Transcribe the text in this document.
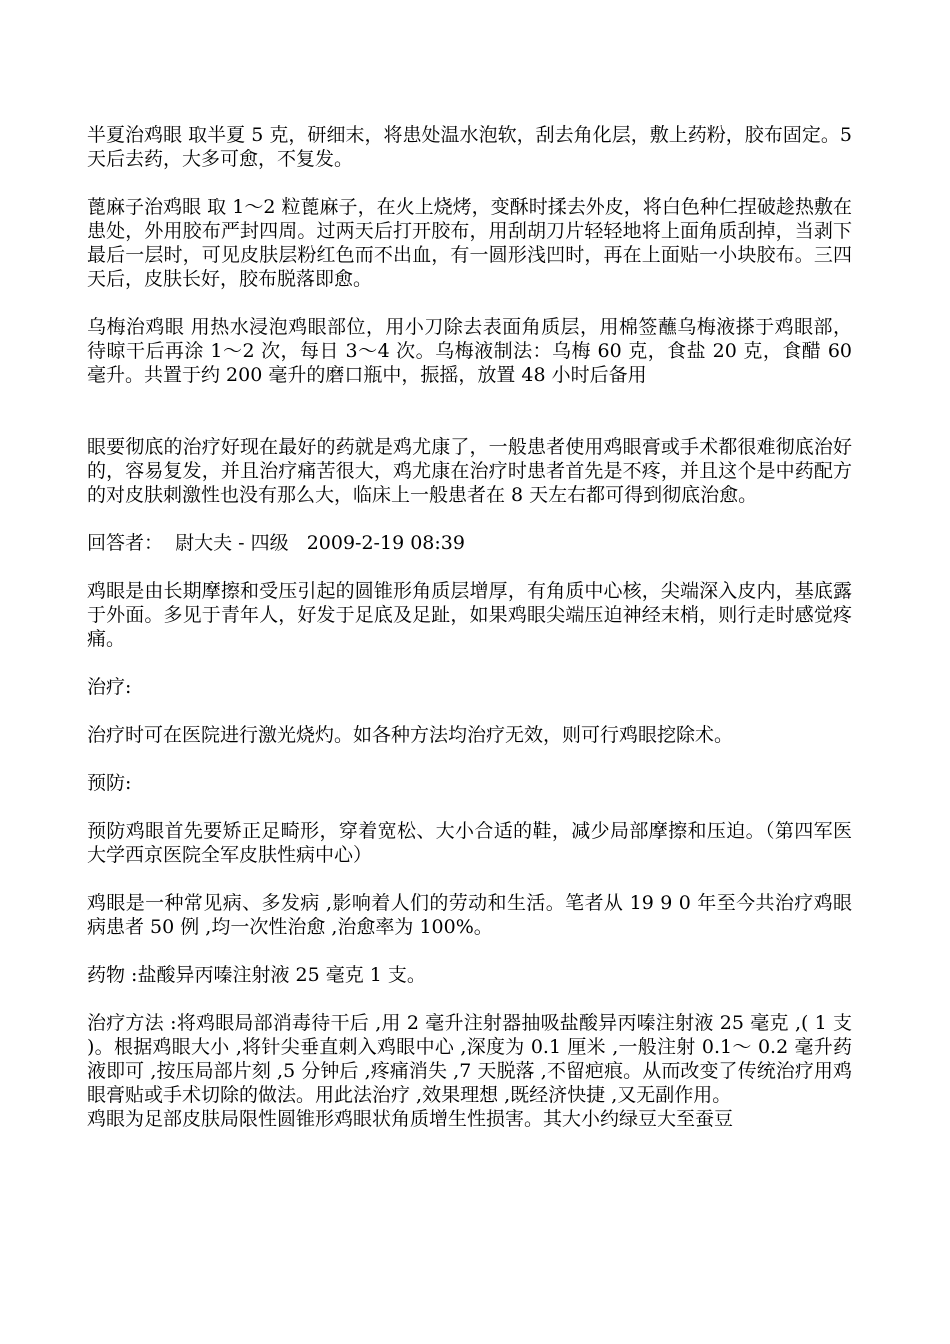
半夏治鸡眼 取半夏 5 克，研细末，将患处温水泡软，刮去角化层，敷上药粉，胶布固定。5 天后去药，大多可愈，不复发。

蓖麻子治鸡眼 取 1～2 粒蓖麻子，在火上烧烤，变酥时揉去外皮，将白色种仁捏破趁热敷在患处，外用胶布严封四周。过两天后打开胶布，用刮胡刀片轻轻地将上面角质刮掉，当剥下最后一层时，可见皮肤层粉红色而不出血，有一圆形浅凹时，再在上面贴一小块胶布。三四天后，皮肤长好，胶布脱落即愈。

乌梅治鸡眼 用热水浸泡鸡眼部位，用小刀除去表面角质层，用棉签蘸乌梅液搽于鸡眼部，待晾干后再涂 1～2 次，每日 3～4 次。乌梅液制法：乌梅 60 克，食盐 20 克，食醋 60 毫升。共置于约 200 毫升的磨口瓶中，振摇，放置 48 小时后备用

眼要彻底的治疗好现在最好的药就是鸡尤康了，一般患者使用鸡眼膏或手术都很难彻底治好的，容易复发，并且治疗痛苦很大，鸡尤康在治疗时患者首先是不疼，并且这个是中药配方的对皮肤刺激性也没有那么大，临床上一般患者在 8 天左右都可得到彻底治愈。

回答者：  尉大夫 - 四级   2009-2-19 08:39

鸡眼是由长期摩擦和受压引起的圆锥形角质层增厚，有角质中心核，尖端深入皮内，基底露于外面。多见于青年人，好发于足底及足趾，如果鸡眼尖端压迫神经末梢，则行走时感觉疼痛。

治疗:

治疗时可在医院进行激光烧灼。如各种方法均治疗无效，则可行鸡眼挖除术。

预防:

预防鸡眼首先要矫正足畸形，穿着宽松、大小合适的鞋，减少局部摩擦和压迫。（第四军医大学西京医院全军皮肤性病中心）

鸡眼是一种常见病、多发病 ,影响着人们的劳动和生活。笔者从 19 9 0 年至今共治疗鸡眼病患者 50 例 ,均一次性治愈 ,治愈率为 100%。

药物 :盐酸异丙嗪注射液 25 毫克 1 支。

治疗方法 :将鸡眼局部消毒待干后 ,用 2 毫升注射器抽吸盐酸异丙嗪注射液 25 毫克 ,( 1 支 )。根据鸡眼大小 ,将针尖垂直刺入鸡眼中心 ,深度为 0.1 厘米 ,一般注射 0.1～ 0.2 毫升药液即可 ,按压局部片刻 ,5 分钟后 ,疼痛消失 ,7 天脱落 ,不留疤痕。从而改变了传统治疗用鸡眼膏贴或手术切除的做法。用此法治疗 ,效果理想 ,既经济快捷 ,又无副作用。

鸡眼为足部皮肤局限性圆锥形鸡眼状角质增生性损害。其大小约绿豆大至蚕豆
